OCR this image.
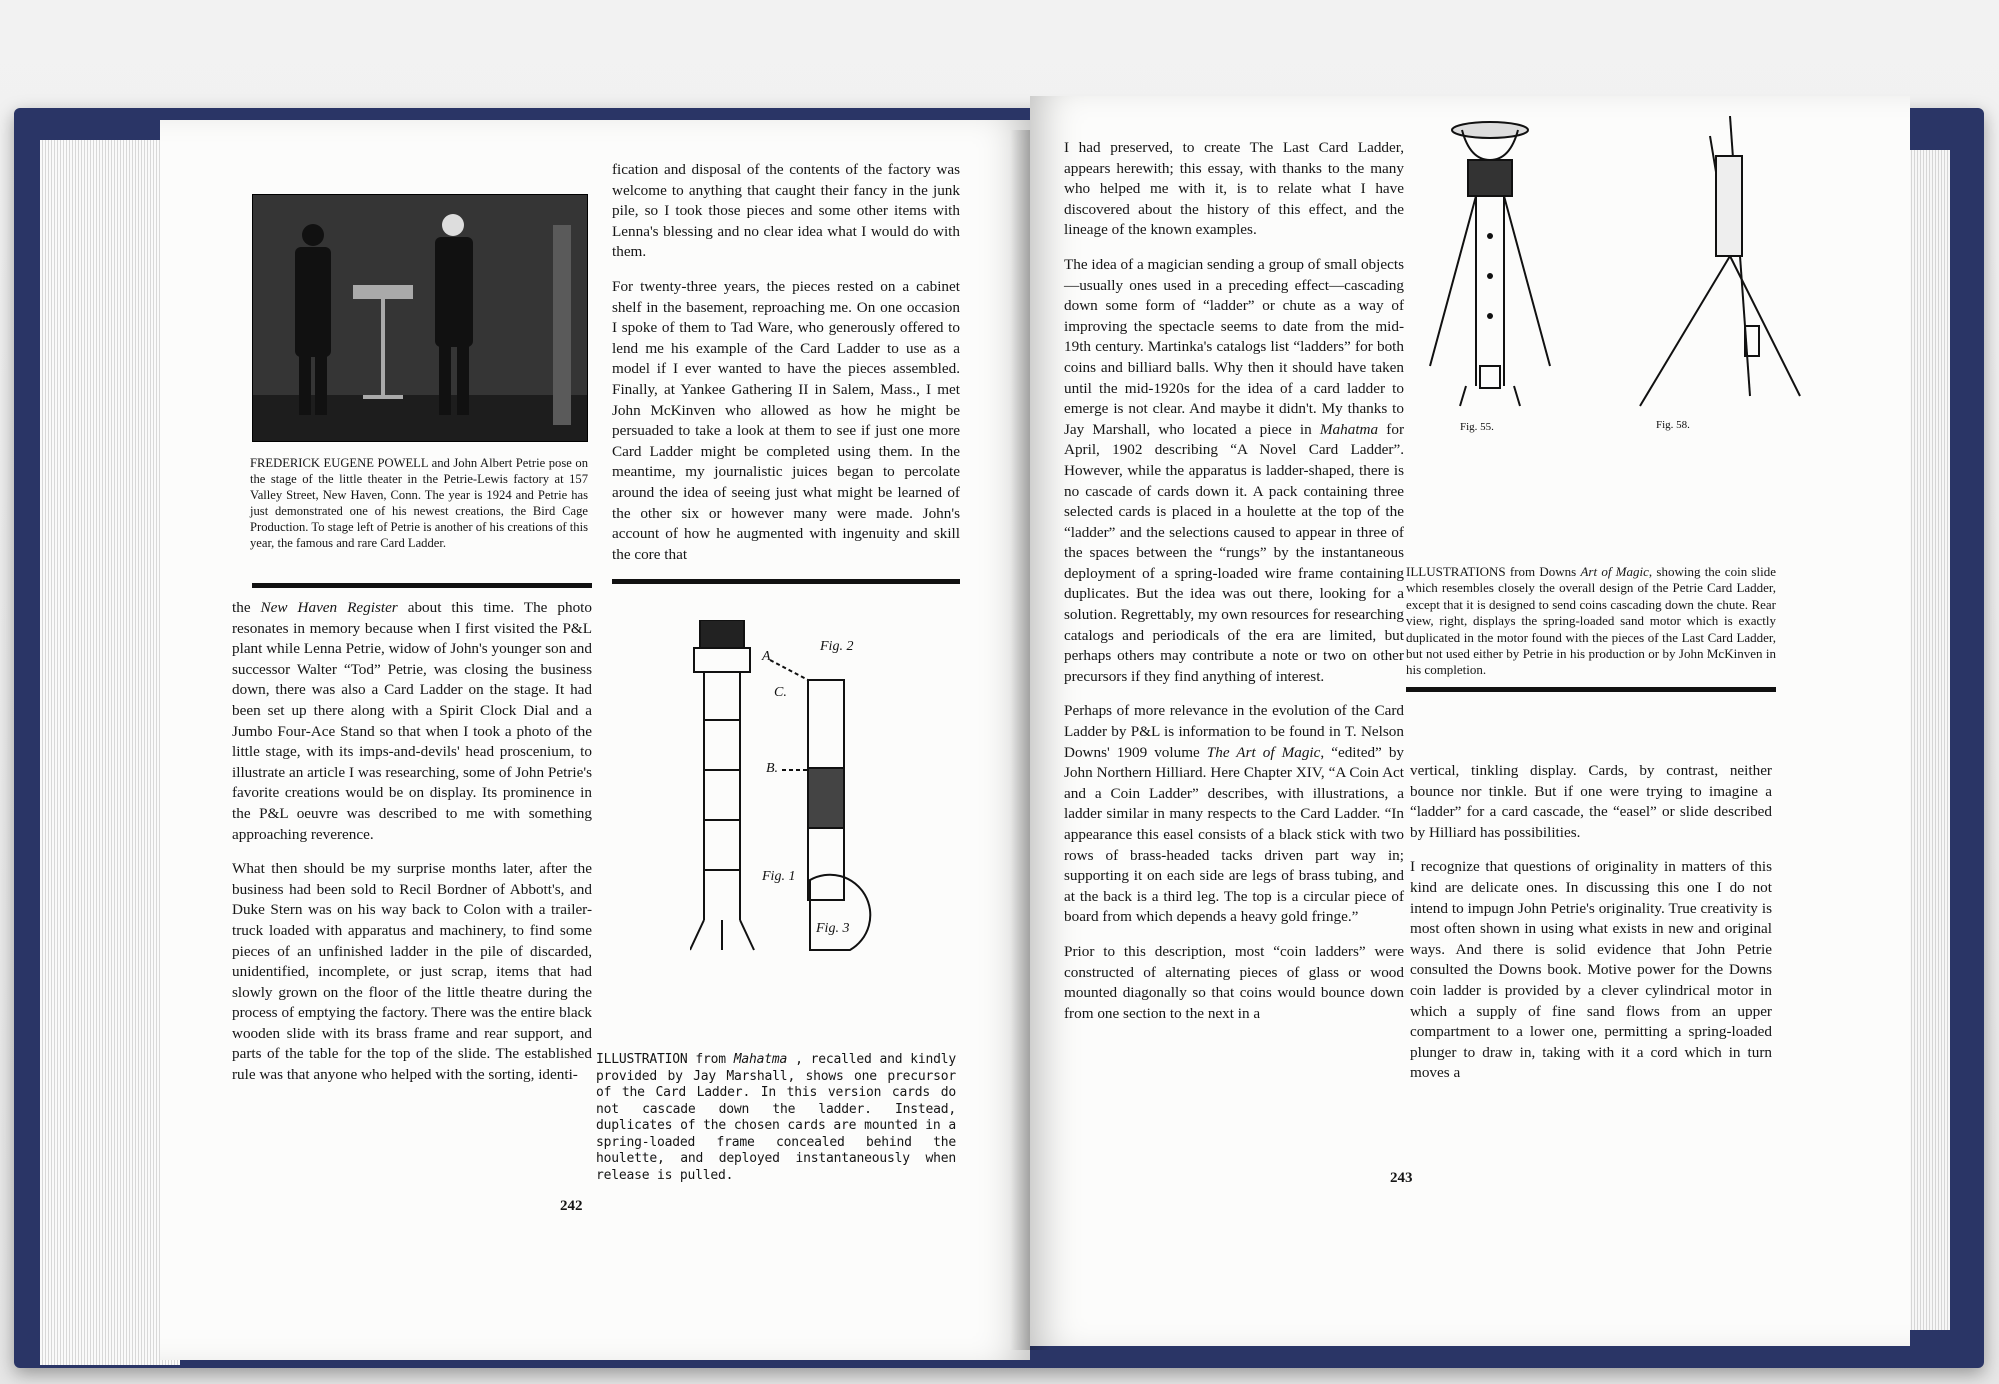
FREDERICK EUGENE POWELL and John Albert Petrie pose on the stage of the little theater in the Petrie-Lewis factory at 157 Valley Street, New Haven, Conn. The year is 1924 and Petrie has just demonstrated one of his newest creations, the Bird Cage Production. To stage left of Petrie is another of his creations of this year, the famous and rare Card Ladder.

the New Haven Register about this time. The photo resonates in memory because when I first visited the P&L plant while Lenna Petrie, widow of John's younger son and successor Walter “Tod” Petrie, was closing the business down, there was also a Card Ladder on the stage. It had been set up there along with a Spirit Clock Dial and a Jumbo Four-Ace Stand so that when I took a photo of the little stage, with its imps-and-devils' head proscenium, to illustrate an article I was researching, some of John Petrie's favorite creations would be on display. Its prominence in the P&L oeuvre was described to me with something approaching reverence.

What then should be my surprise months later, after the business had been sold to Recil Bordner of Abbott's, and Duke Stern was on his way back to Colon with a trailer-truck loaded with apparatus and machinery, to find some pieces of an unfinished ladder in the pile of discarded, unidentified, incomplete, or just scrap, items that had slowly grown on the floor of the little theatre during the process of emptying the factory. There was the entire black wooden slide with its brass frame and rear support, and parts of the table for the top of the slide. The established rule was that anyone who helped with the sorting, identi-

fication and disposal of the contents of the factory was welcome to anything that caught their fancy in the junk pile, so I took those pieces and some other items with Lenna's blessing and no clear idea what I would do with them.

For twenty-three years, the pieces rested on a cabinet shelf in the basement, reproaching me. On one occasion I spoke of them to Tad Ware, who generously offered to lend me his example of the Card Ladder to use as a model if I ever wanted to have the pieces assembled. Finally, at Yankee Gathering II in Salem, Mass., I met John McKinven who allowed as how he might be persuaded to take a look at them to see if just one more Card Ladder might be completed using them. In the meantime, my journalistic juices began to percolate around the idea of seeing just what might be learned of the other six or however many were made. John's account of how he augmented with ingenuity and skill the core that

Fig. 2
A
C.
B.
Fig. 1
Fig. 3
ILLUSTRATION from Mahatma , recalled and kindly provided by Jay Marshall, shows one precursor of the Card Ladder. In this version cards do not cascade down the ladder. Instead, duplicates of the chosen cards are mounted in a spring-loaded frame concealed behind the houlette, and deployed instantaneously when release is pulled.
242

I had preserved, to create The Last Card Ladder, appears herewith; this essay, with thanks to the many who helped me with it, is to relate what I have discovered about the history of this effect, and the lineage of the known examples.

The idea of a magician sending a group of small objects—usually ones used in a preceding effect—cascading down some form of “ladder” or chute as a way of improving the spectacle seems to date from the mid-19th century. Martinka's catalogs list “ladders” for both coins and billiard balls. Why then it should have taken until the mid-1920s for the idea of a card ladder to emerge is not clear. And maybe it didn't. My thanks to Jay Marshall, who located a piece in Mahatma for April, 1902 describing “A Novel Card Ladder”. However, while the apparatus is ladder-shaped, there is no cascade of cards down it. A pack containing three selected cards is placed in a houlette at the top of the “ladder” and the selections caused to appear in three of the spaces between the “rungs” by the instantaneous deployment of a spring-loaded wire frame containing duplicates. But the idea was out there, looking for a solution. Regrettably, my own resources for researching catalogs and periodicals of the era are limited, but perhaps others may contribute a note or two on other precursors if they find anything of interest.

Perhaps of more relevance in the evolution of the Card Ladder by P&L is information to be found in T. Nelson Downs' 1909 volume The Art of Magic, “edited” by John Northern Hilliard. Here Chapter XIV, “A Coin Act and a Coin Ladder” describes, with illustrations, a ladder similar in many respects to the Card Ladder. “In appearance this easel consists of a black stick with two rows of brass-headed tacks driven part way in; supporting it on each side are legs of brass tubing, and at the back is a third leg. The top is a circular piece of board from which depends a heavy gold fringe.”

Prior to this description, most “coin ladders” were constructed of alternating pieces of glass or wood mounted diagonally so that coins would bounce down from one section to the next in a

Fig. 55.	Fig. 58.
ILLUSTRATIONS from Downs Art of Magic, showing the coin slide which resembles closely the overall design of the Petrie Card Ladder, except that it is designed to send coins cascading down the chute. Rear view, right, displays the spring-loaded sand motor which is exactly duplicated in the motor found with the pieces of the Last Card Ladder, but not used either by Petrie in his production or by John McKinven in his completion.

vertical, tinkling display. Cards, by contrast, neither bounce nor tinkle. But if one were trying to imagine a “ladder” for a card cascade, the “easel” or slide described by Hilliard has possibilities.

I recognize that questions of originality in matters of this kind are delicate ones. In discussing this one I do not intend to impugn John Petrie's originality. True creativity is most often shown in using what exists in new and original ways. And there is solid evidence that John Petrie consulted the Downs book. Motive power for the Downs coin ladder is provided by a clever cylindrical motor in which a supply of fine sand flows from an upper compartment to a lower one, permitting a spring-loaded plunger to draw in, taking with it a cord which in turn moves a

243
